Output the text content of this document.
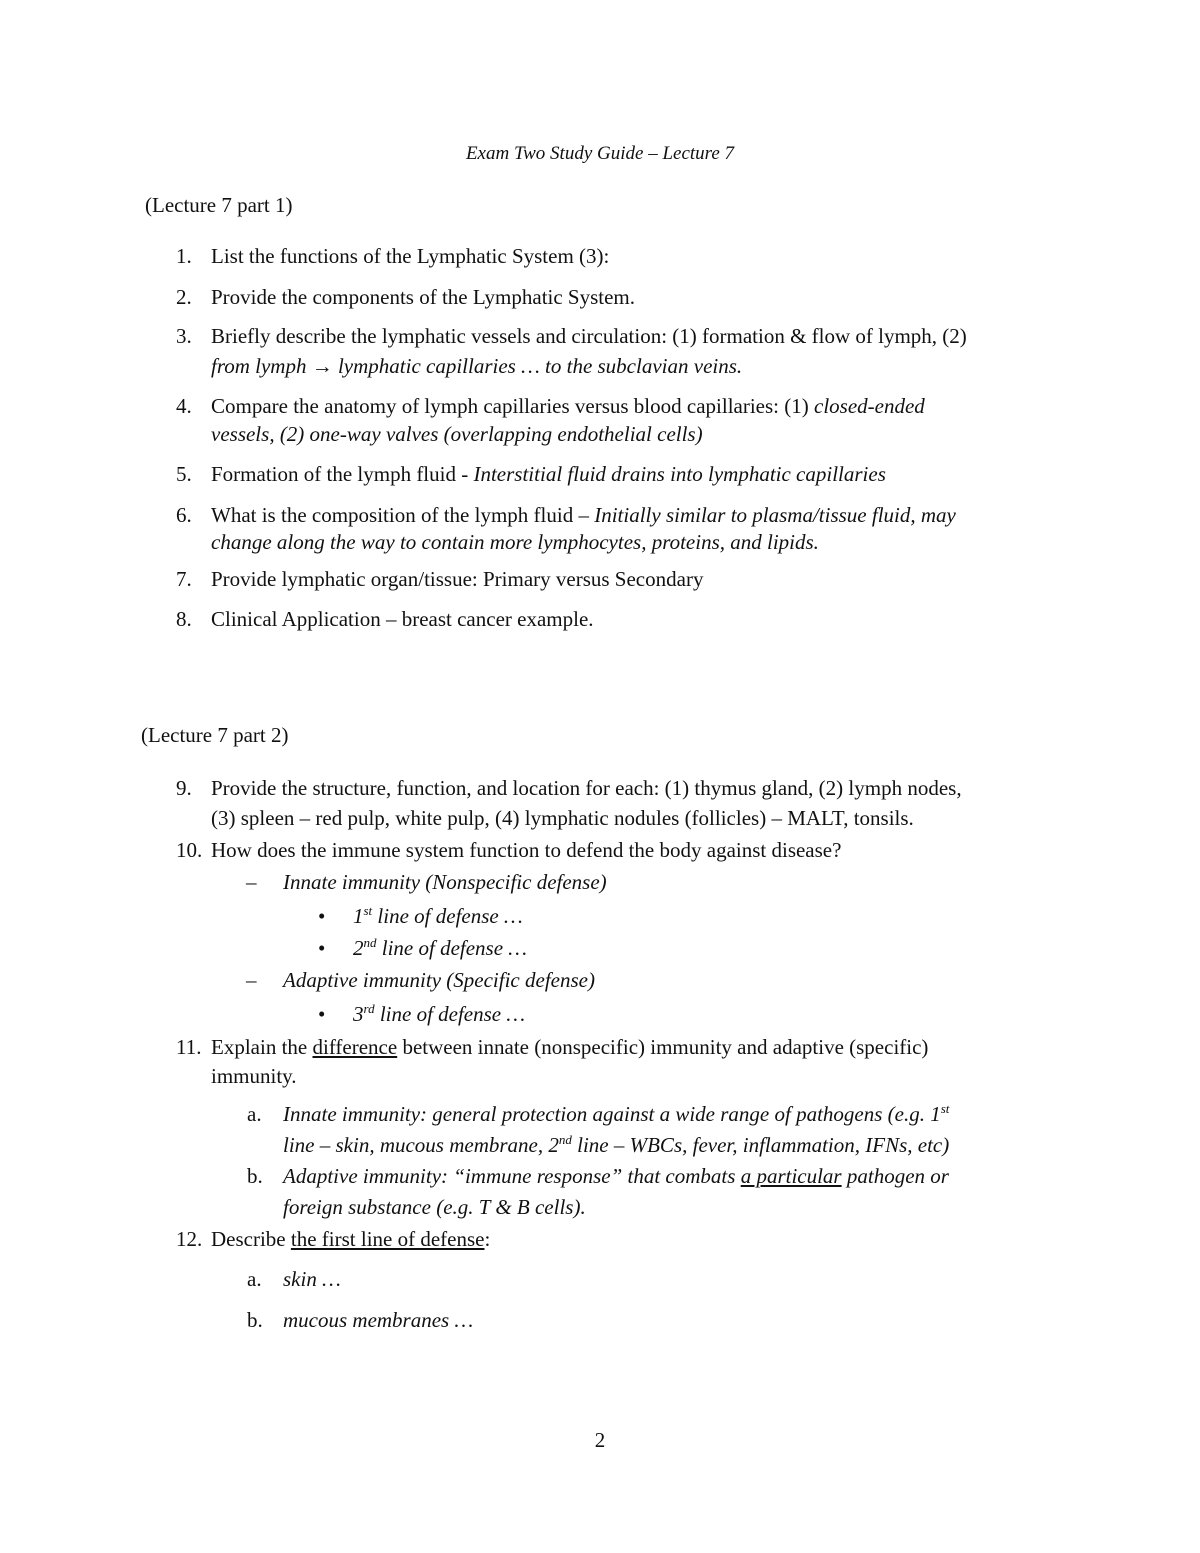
Exam Two Study Guide – Lecture 7
(Lecture 7 part 1)
1. List the functions of the Lymphatic System (3):
2. Provide the components of the Lymphatic System.
3. Briefly describe the lymphatic vessels and circulation: (1) formation & flow of lymph, (2)
from lymph → lymphatic capillaries … to the subclavian veins.
4. Compare the anatomy of lymph capillaries versus blood capillaries: (1) closed-ended
vessels, (2) one-way valves (overlapping endothelial cells)
5. Formation of the lymph fluid - Interstitial fluid drains into lymphatic capillaries
6. What is the composition of the lymph fluid – Initially similar to plasma/tissue fluid, may
change along the way to contain more lymphocytes, proteins, and lipids.
7. Provide lymphatic organ/tissue: Primary versus Secondary
8. Clinical Application – breast cancer example.
(Lecture 7 part 2)
9. Provide the structure, function, and location for each: (1) thymus gland, (2) lymph nodes,
(3) spleen – red pulp, white pulp, (4) lymphatic nodules (follicles) – MALT, tonsils.
10. How does the immune system function to defend the body against disease?
– Innate immunity (Nonspecific defense)
• 1st line of defense …
• 2nd line of defense …
– Adaptive immunity (Specific defense)
• 3rd line of defense …
11. Explain the difference between innate (nonspecific) immunity and adaptive (specific)
immunity.
a. Innate immunity: general protection against a wide range of pathogens (e.g. 1st
line – skin, mucous membrane, 2nd line – WBCs, fever, inflammation, IFNs, etc)
b. Adaptive immunity: “immune response” that combats a particular pathogen or
foreign substance (e.g. T & B cells).
12. Describe the first line of defense:
a. skin …
b. mucous membranes …
2
